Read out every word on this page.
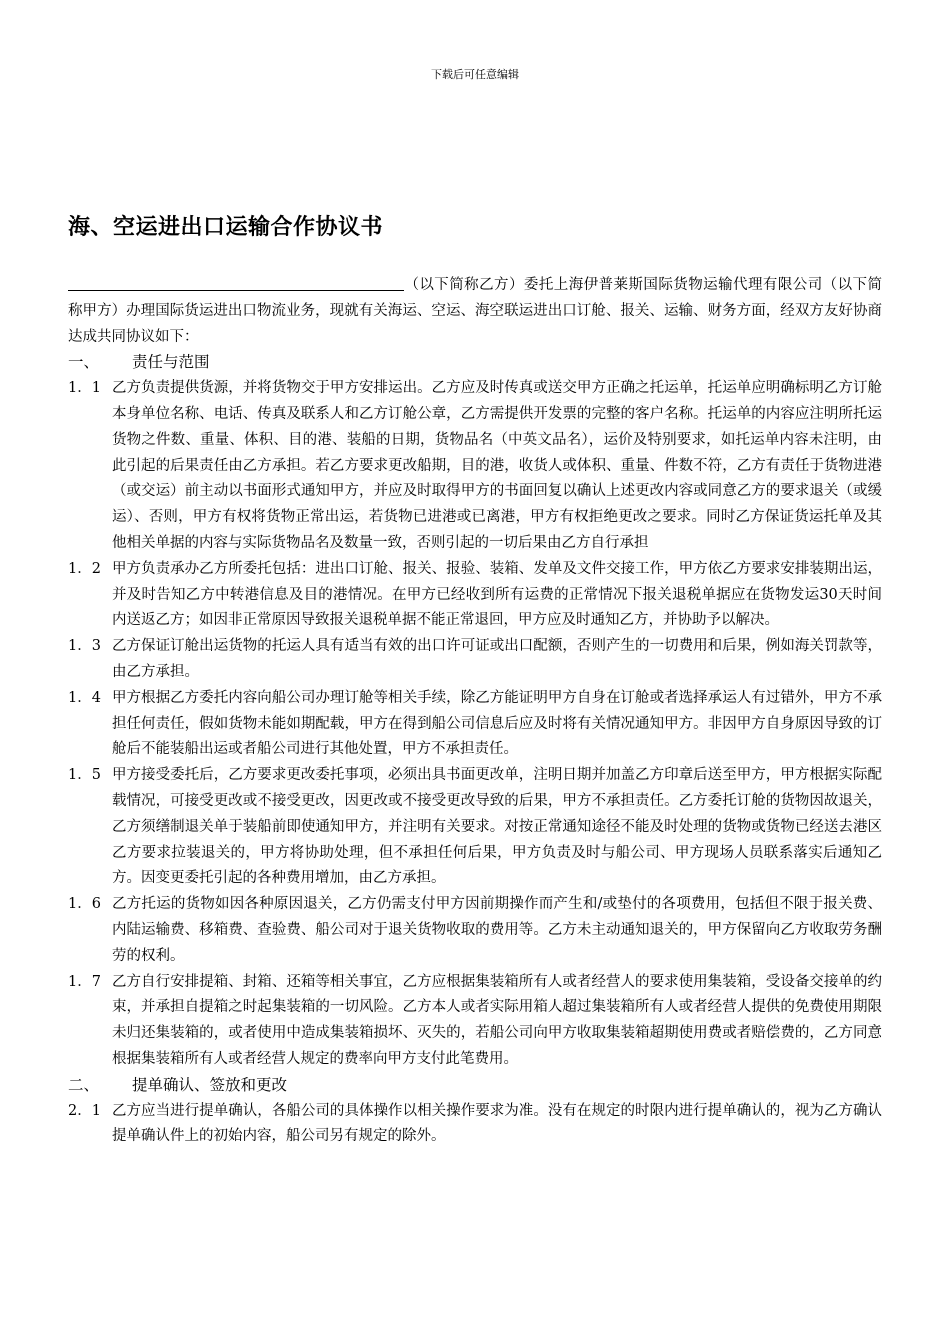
下载后可任意编辑
海、空运进出口运输合作协议书
（以下简称乙方）委托上海伊普莱斯国际货物运输代理有限公司（以下简称甲方）办理国际货运进出口物流业务，现就有关海运、空运、海空联运进出口订舱、报关、运输、财务方面，经双方友好协商达成共同协议如下：
一、	责任与范围
1．1 乙方负责提供货源，并将货物交于甲方安排运出。乙方应及时传真或送交甲方正确之托运单，托运单应明确标明乙方订舱本身单位名称、电话、传真及联系人和乙方订舱公章，乙方需提供开发票的完整的客户名称。托运单的内容应注明所托运货物之件数、重量、体积、目的港、装船的日期，货物品名（中英文品名），运价及特别要求，如托运单内容未注明，由此引起的后果责任由乙方承担。若乙方要求更改船期，目的港，收货人或体积、重量、件数不符，乙方有责任于货物进港（或交运）前主动以书面形式通知甲方，并应及时取得甲方的书面回复以确认上述更改内容或同意乙方的要求退关（或缓运）、否则，甲方有权将货物正常出运，若货物已进港或已离港，甲方有权拒绝更改之要求。同时乙方保证货运托单及其他相关单据的内容与实际货物品名及数量一致，否则引起的一切后果由乙方自行承担
1．2 甲方负责承办乙方所委托包括：进出口订舱、报关、报验、装箱、发单及文件交接工作，甲方依乙方要求安排装期出运，并及时告知乙方中转港信息及目的港情况。在甲方已经收到所有运费的正常情况下报关退税单据应在货物发运30天时间内送返乙方；如因非正常原因导致报关退税单据不能正常退回，甲方应及时通知乙方，并协助予以解决。
1．3 乙方保证订舱出运货物的托运人具有适当有效的出口许可证或出口配额，否则产生的一切费用和后果，例如海关罚款等，由乙方承担。
1．4 甲方根据乙方委托内容向船公司办理订舱等相关手续，除乙方能证明甲方自身在订舱或者选择承运人有过错外，甲方不承担任何责任，假如货物未能如期配载，甲方在得到船公司信息后应及时将有关情况通知甲方。非因甲方自身原因导致的订舱后不能装船出运或者船公司进行其他处置，甲方不承担责任。
1．5 甲方接受委托后，乙方要求更改委托事项，必须出具书面更改单，注明日期并加盖乙方印章后送至甲方，甲方根据实际配载情况，可接受更改或不接受更改，因更改或不接受更改导致的后果，甲方不承担责任。乙方委托订舱的货物因故退关，乙方须缮制退关单于装船前即使通知甲方，并注明有关要求。对按正常通知途径不能及时处理的货物或货物已经送去港区乙方要求拉装退关的，甲方将协助处理，但不承担任何后果，甲方负责及时与船公司、甲方现场人员联系落实后通知乙方。因变更委托引起的各种费用增加，由乙方承担。
1．6 乙方托运的货物如因各种原因退关，乙方仍需支付甲方因前期操作而产生和/或垫付的各项费用，包括但不限于报关费、内陆运输费、移箱费、查验费、船公司对于退关货物收取的费用等。乙方未主动通知退关的，甲方保留向乙方收取劳务酬劳的权利。
1．7 乙方自行安排提箱、封箱、还箱等相关事宜，乙方应根据集装箱所有人或者经营人的要求使用集装箱，受设备交接单的约束，并承担自提箱之时起集装箱的一切风险。乙方本人或者实际用箱人超过集装箱所有人或者经营人提供的免费使用期限未归还集装箱的，或者使用中造成集装箱损坏、灭失的，若船公司向甲方收取集装箱超期使用费或者赔偿费的，乙方同意根据集装箱所有人或者经营人规定的费率向甲方支付此笔费用。
二、	提单确认、签放和更改
2．1 乙方应当进行提单确认，各船公司的具体操作以相关操作要求为准。没有在规定的时限内进行提单确认的，视为乙方确认提单确认件上的初始内容，船公司另有规定的除外。
